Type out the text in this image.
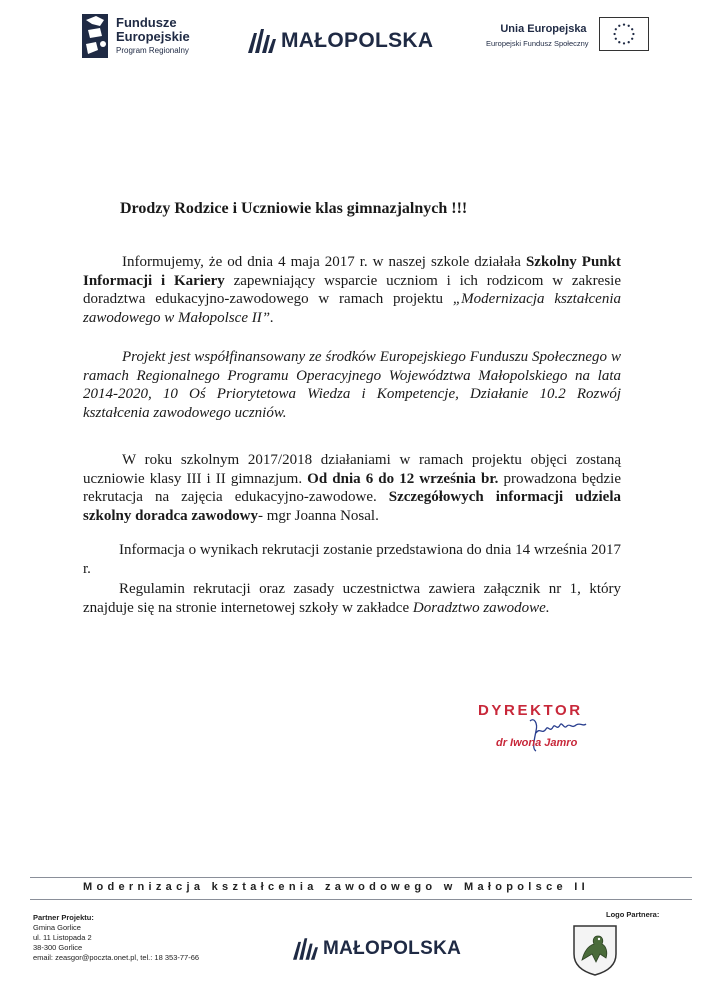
Fundusze
Europejskie
Program Regionalny	MAŁOPOLSKA	Unia Europejska
Europejski Fundusz Społeczny
Drodzy Rodzice i Uczniowie klas gimnazjalnych !!!
Informujemy, że od dnia 4 maja 2017 r. w naszej szkole działała Szkolny Punkt Informacji i Kariery zapewniający wsparcie uczniom i ich rodzicom w zakresie doradztwa edukacyjno-zawodowego w ramach projektu „Modernizacja kształcenia zawodowego w Małopolsce II”.
Projekt jest współfinansowany ze środków Europejskiego Funduszu Społecznego w ramach Regionalnego Programu Operacyjnego Województwa Małopolskiego na lata 2014-2020, 10 Oś Priorytetowa Wiedza i Kompetencje, Działanie 10.2 Rozwój kształcenia zawodowego uczniów.
W roku szkolnym 2017/2018 działaniami w ramach projektu objęci zostaną uczniowie klasy III i II gimnazjum. Od dnia 6 do 12 września br. prowadzona będzie rekrutacja na zajęcia edukacyjno-zawodowe. Szczegółowych informacji udziela szkolny doradca zawodowy- mgr Joanna Nosal.
Informacja o wynikach rekrutacji zostanie przedstawiona do dnia 14 września 2017 r.
Regulamin rekrutacji oraz zasady uczestnictwa zawiera załącznik nr 1, który znajduje się na stronie internetowej szkoły w zakładce Doradztwo zawodowe.
DYREKTOR
dr Iwona Jamro
Modernizacja kształcenia zawodowego w Małopolsce II
Partner Projektu:
Gmina Gorlice
ul. 11 Listopada 2
38-300 Gorlice
email: zeasgor@poczta.onet.pl, tel.: 18 353-77-66	MAŁOPOLSKA
Logo Partnera:
